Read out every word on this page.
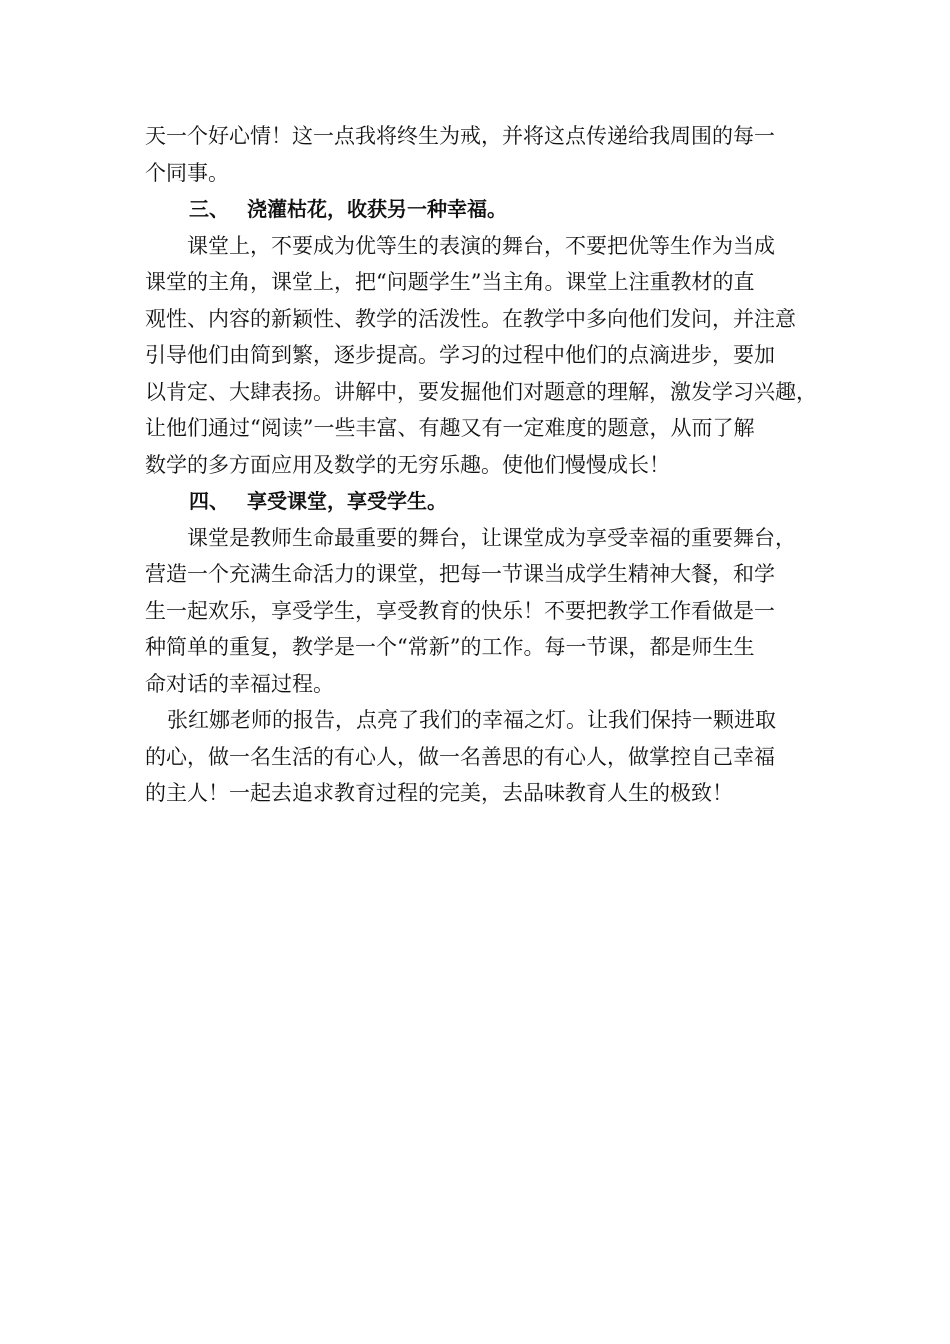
天一个好心情！这一点我将终生为戒，并将这点传递给我周围的每一
个同事。
三、 浇灌枯花，收获另一种幸福。
课堂上，不要成为优等生的表演的舞台，不要把优等生作为当成
课堂的主角，课堂上，把“问题学生”当主角。课堂上注重教材的直
观性、内容的新颖性、教学的活泼性。在教学中多向他们发问，并注意
引导他们由简到繁，逐步提高。学习的过程中他们的点滴进步，要加
以肯定、大肆表扬。讲解中，要发掘他们对题意的理解，激发学习兴趣，
让他们通过“阅读”一些丰富、有趣又有一定难度的题意，从而了解
数学的多方面应用及数学的无穷乐趣。使他们慢慢成长！
四、 享受课堂，享受学生。
课堂是教师生命最重要的舞台，让课堂成为享受幸福的重要舞台，
营造一个充满生命活力的课堂，把每一节课当成学生精神大餐，和学
生一起欢乐，享受学生，享受教育的快乐！不要把教学工作看做是一
种简单的重复，教学是一个“常新”的工作。每一节课，都是师生生
命对话的幸福过程。
张红娜老师的报告，点亮了我们的幸福之灯。让我们保持一颗进取
的心，做一名生活的有心人，做一名善思的有心人，做掌控自己幸福
的主人！一起去追求教育过程的完美，去品味教育人生的极致！
